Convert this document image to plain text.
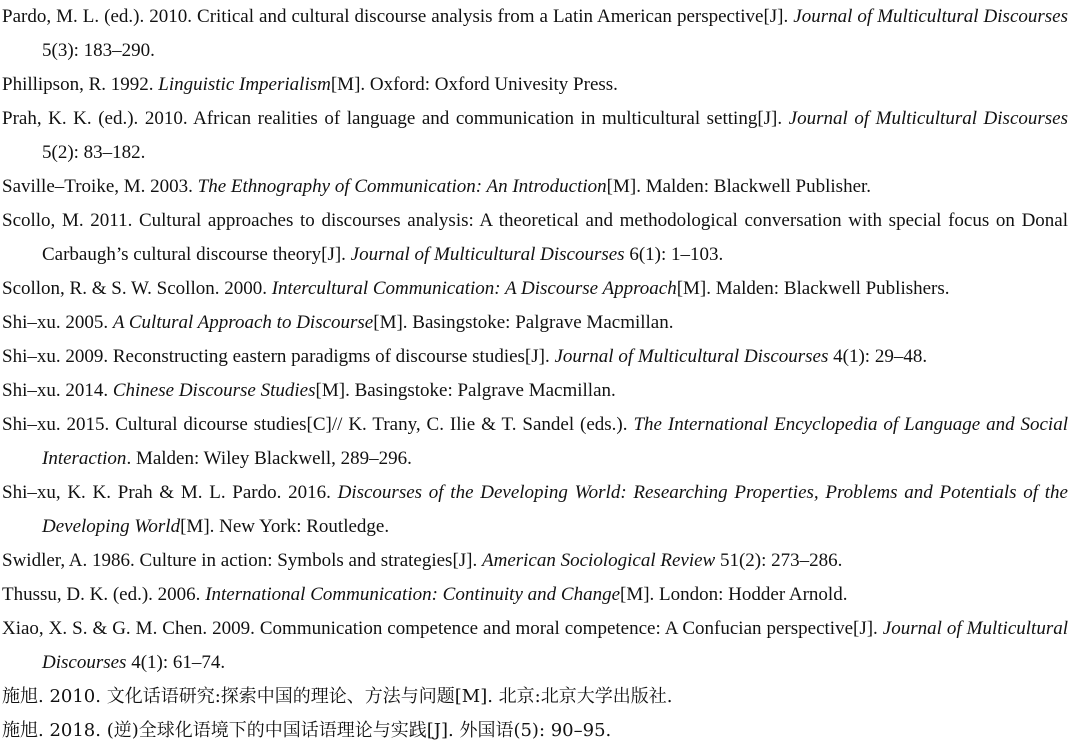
Pardo, M. L. (ed.). 2010. Critical and cultural discourse analysis from a Latin American perspective[J]. Journal of Multicultural Discourses 5(3): 183–290.

Phillipson, R. 1992. Linguistic Imperialism[M]. Oxford: Oxford Univesity Press.

Prah, K. K. (ed.). 2010. African realities of language and communication in multicultural setting[J]. Journal of Multicultural Discourses 5(2): 83–182.

Saville–Troike, M. 2003. The Ethnography of Communication: An Introduction[M]. Malden: Blackwell Publisher.

Scollo, M. 2011. Cultural approaches to discourses analysis: A theoretical and methodological conversation with special focus on Donal Carbaugh’s cultural discourse theory[J]. Journal of Multicultural Discourses 6(1): 1–103.

Scollon, R. & S. W. Scollon. 2000. Intercultural Communication: A Discourse Approach[M]. Malden: Blackwell Publishers.

Shi–xu. 2005. A Cultural Approach to Discourse[M]. Basingstoke: Palgrave Macmillan.

Shi–xu. 2009. Reconstructing eastern paradigms of discourse studies[J]. Journal of Multicultural Discourses 4(1): 29–48.

Shi–xu. 2014. Chinese Discourse Studies[M]. Basingstoke: Palgrave Macmillan.

Shi–xu. 2015. Cultural dicourse studies[C]// K. Trany, C. Ilie & T. Sandel (eds.). The International Encyclopedia of Language and Social Interaction. Malden: Wiley Blackwell, 289–296.

Shi–xu, K. K. Prah & M. L. Pardo. 2016. Discourses of the Developing World: Researching Properties, Problems and Potentials of the Developing World[M]. New York: Routledge.

Swidler, A. 1986. Culture in action: Symbols and strategies[J]. American Sociological Review 51(2): 273–286.

Thussu, D. K. (ed.). 2006. International Communication: Continuity and Change[M]. London: Hodder Arnold.

Xiao, X. S. & G. M. Chen. 2009. Communication competence and moral competence: A Confucian perspective[J]. Journal of Multicultural Discourses 4(1): 61–74.

施旭. 2010. 文化话语研究:探索中国的理论、方法与问题[M]. 北京:北京大学出版社.

施旭. 2018. (逆)全球化语境下的中国话语理论与实践[J]. 外国语(5): 90–95.
